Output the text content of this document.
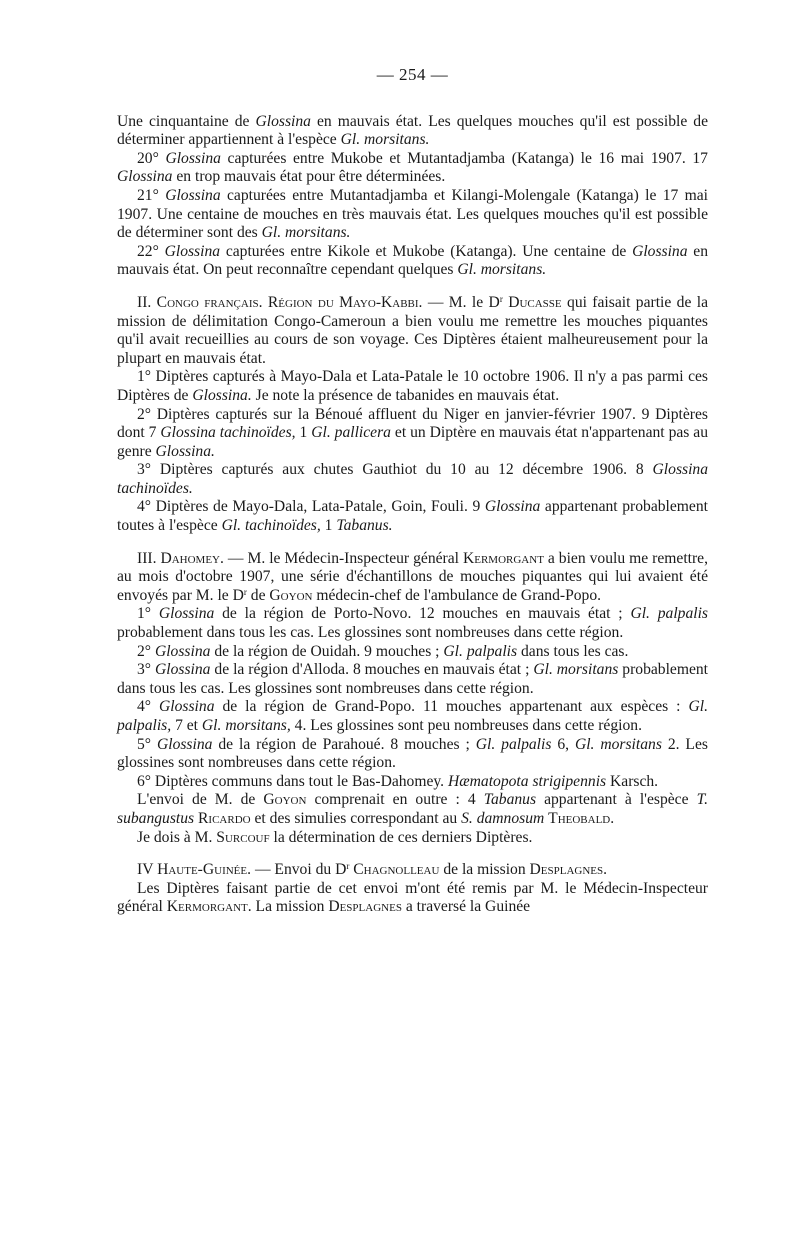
— 254 —

Une cinquantaine de Glossina en mauvais état. Les quelques mouches qu'il est possible de déterminer appartiennent à l'espèce Gl. morsitans.

20° Glossina capturées entre Mukobe et Mutantadjamba (Katanga) le 16 mai 1907. 17 Glossina en trop mauvais état pour être déterminées.

21° Glossina capturées entre Mutantadjamba et Kilangi-Molengale (Katanga) le 17 mai 1907. Une centaine de mouches en très mauvais état. Les quelques mouches qu'il est possible de déterminer sont des Gl. morsitans.

22° Glossina capturées entre Kikole et Mukobe (Katanga). Une centaine de Glossina en mauvais état. On peut reconnaître cependant quelques Gl. morsitans.

II. Congo français. Région du Mayo-Kabbi. — M. le $D^r$ Ducasse qui faisait partie de la mission de délimitation Congo-Cameroun a bien voulu me remettre les mouches piquantes qu'il avait recueillies au cours de son voyage. Ces Diptères étaient malheureusement pour la plupart en mauvais état.

1° Diptères capturés à Mayo-Dala et Lata-Patale le 10 octobre 1906. Il n'y a pas parmi ces Diptères de Glossina. Je note la présence de tabanides en mauvais état.

2° Diptères capturés sur la Bénoué affluent du Niger en janvier-février 1907. 9 Diptères dont 7 Glossina tachinoïdes, 1 Gl. pallicera et un Diptère en mauvais état n'appartenant pas au genre Glossina.

3° Diptères capturés aux chutes Gauthiot du 10 au 12 décembre 1906. 8 Glossina tachinoïdes.

4° Diptères de Mayo-Dala, Lata-Patale, Goin, Fouli. 9 Glossina appartenant probablement toutes à l'espèce Gl. tachinoïdes, 1 Tabanus.

III. Dahomey. — M. le Médecin-Inspecteur général Kermorgant a bien voulu me remettre, au mois d'octobre 1907, une série d'échantillons de mouches piquantes qui lui avaient été envoyés par M. le $D^r$ de Goyon médecin-chef de l'ambulance de Grand-Popo.

1° Glossina de la région de Porto-Novo. 12 mouches en mauvais état ; Gl. palpalis probablement dans tous les cas. Les glossines sont nombreuses dans cette région.

2° Glossina de la région de Ouidah. 9 mouches ; Gl. palpalis dans tous les cas.

3° Glossina de la région d'Alloda. 8 mouches en mauvais état ; Gl. morsitans probablement dans tous les cas. Les glossines sont nombreuses dans cette région.

4° Glossina de la région de Grand-Popo. 11 mouches appartenant aux espèces : Gl. palpalis, 7 et Gl. morsitans, 4. Les glossines sont peu nombreuses dans cette région.

5° Glossina de la région de Parahoué. 8 mouches ; Gl. palpalis 6, Gl. morsitans 2. Les glossines sont nombreuses dans cette région.

6° Diptères communs dans tout le Bas-Dahomey. Hæmatopota strigipennis Karsch.

L'envoi de M. de Goyon comprenait en outre : 4 Tabanus appartenant à l'espèce T. subangustus Ricardo et des simulies correspondant au S. damnosum Theobald.

Je dois à M. Surcouf la détermination de ces derniers Diptères.

IV Haute-Guinée. — Envoi du $D^r$ Chagnolleau de la mission Desplagnes.

Les Diptères faisant partie de cet envoi m'ont été remis par M. le Médecin-Inspecteur général Kermorgant. La mission Desplagnes a traversé la Guinée
